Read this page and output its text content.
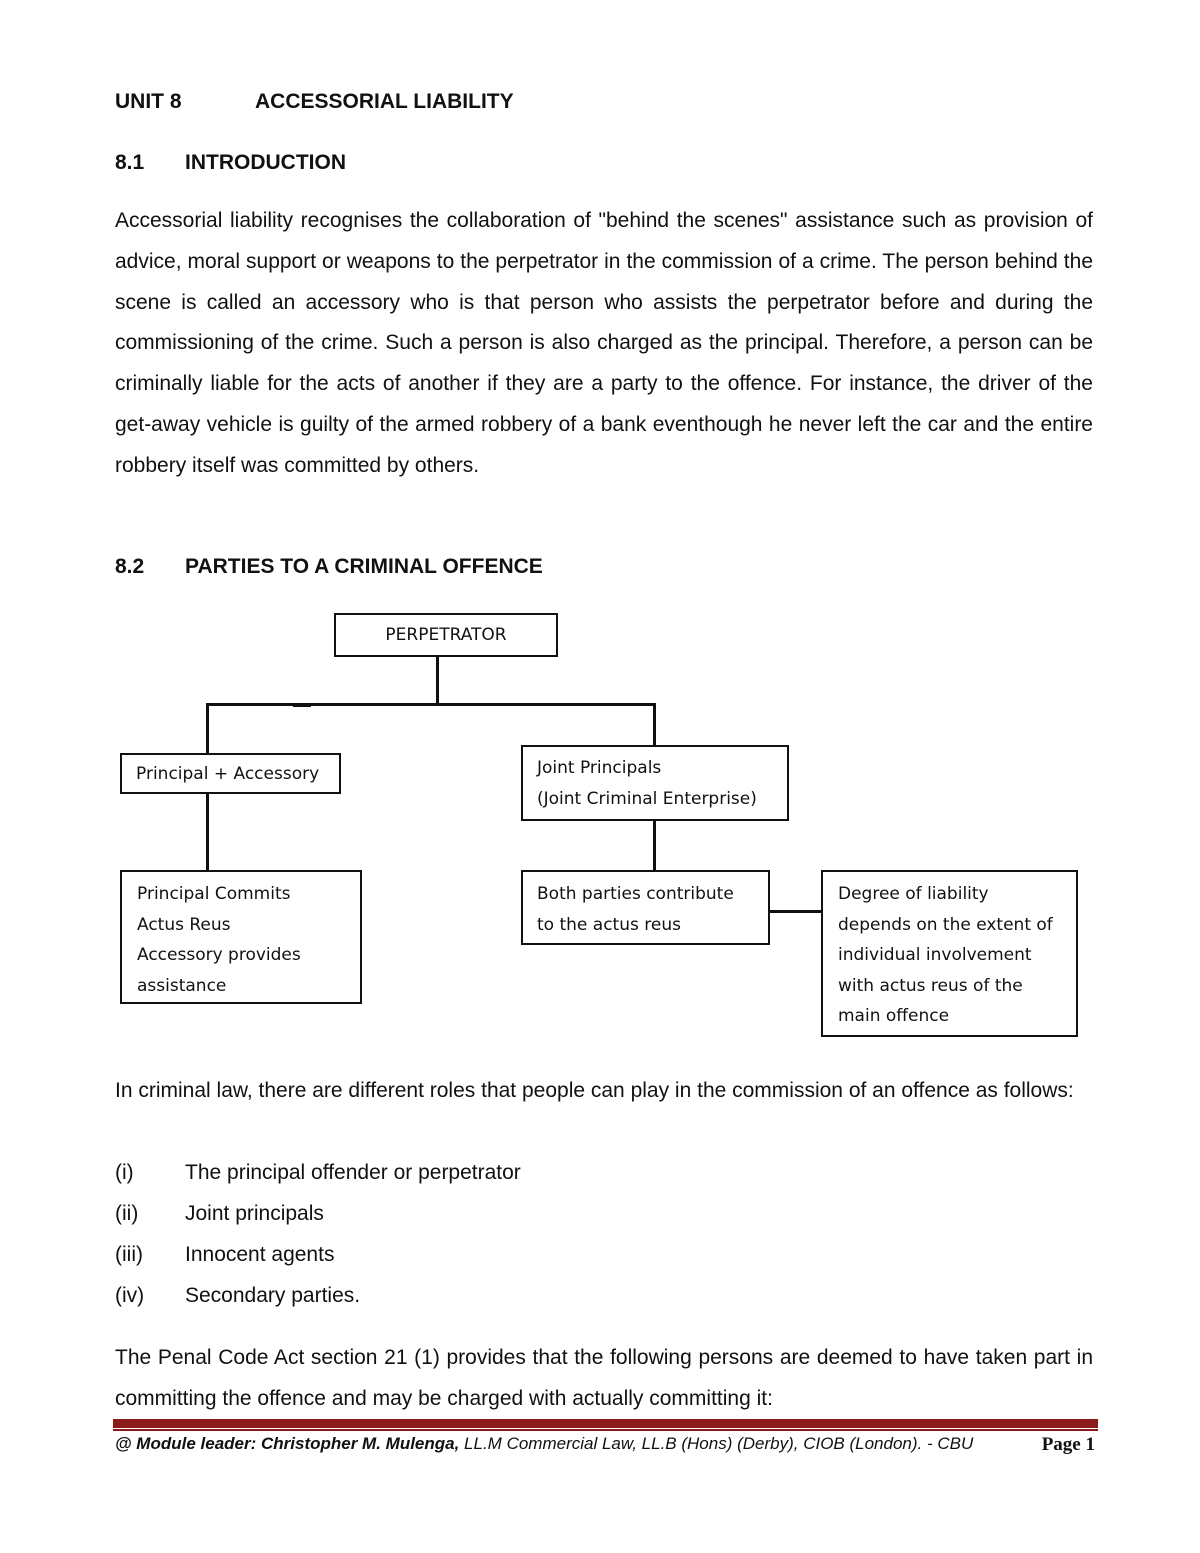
UNIT 8	ACCESSORIAL LIABILITY
8.1 INTRODUCTION
Accessorial liability recognises the collaboration of "behind the scenes" assistance such as provision of advice, moral support or weapons to the perpetrator in the commission of a crime. The person behind the scene is called an accessory who is that person who assists the perpetrator before and during the commissioning of the crime. Such a person is also charged as the principal. Therefore, a person can be criminally liable for the acts of another if they are a party to the offence. For instance, the driver of the get-away vehicle is guilty of the armed robbery of a bank eventhough he never left the car and the entire robbery itself was committed by others.
8.2 PARTIES TO A CRIMINAL OFFENCE
PERPETRATOR
Principal + Accessory	Joint Principals
(Joint Criminal Enterprise)
Principal Commits
Actus Reus
Accessory provides
assistance
Both parties contribute
to the actus reus
Degree of liability
depends on the extent of
individual involvement
with actus reus of the
main offence
In criminal law, there are different roles that people can play in the commission of an offence as follows:
(i) The principal offender or perpetrator
(ii) Joint principals
(iii) Innocent agents
(iv) Secondary parties.
The Penal Code Act section 21 (1) provides that the following persons are deemed to have taken part in committing the offence and may be charged with actually committing it:
@ Module leader: Christopher M. Mulenga, LL.M Commercial Law, LL.B (Hons) (Derby), CIOB (London). - CBU	Page 1
